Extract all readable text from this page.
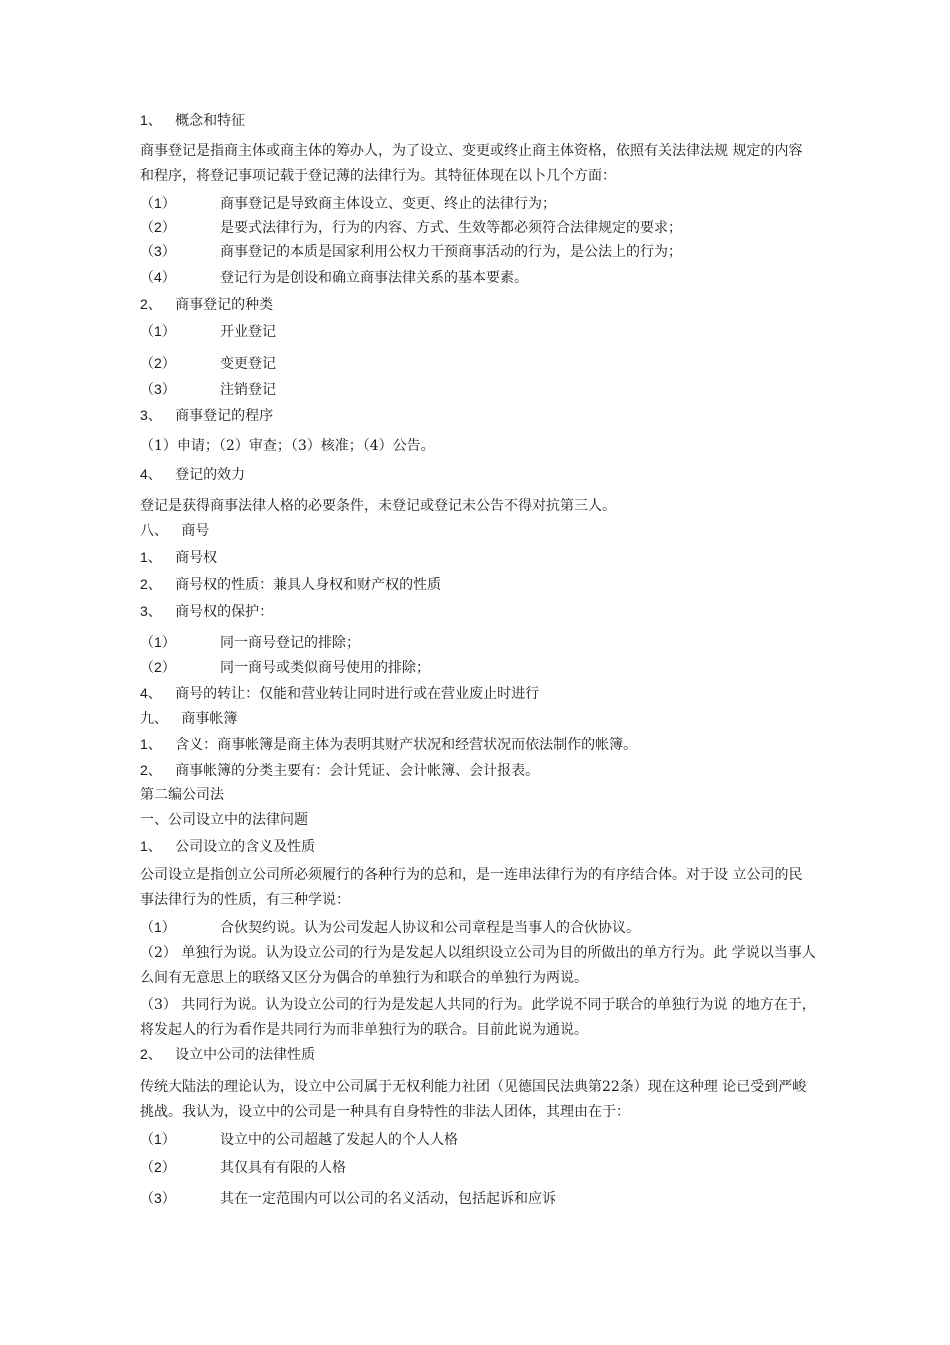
1、 概念和特征
商事登记是指商主体或商主体的筹办人，为了设立、变更或终止商主体资格，依照有关法律法规 规定的内容和程序，将登记事项记载于登记薄的法律行为。其特征体现在以卜几个方面：
（1）	商事登记是导致商主体设立、变更、终止的法律行为；
（2）	是要式法律行为，行为的内容、方式、生效等都必须符合法律规定的要求；
（3）	商事登记的本质是国家利用公权力干预商事活动的行为，是公法上的行为；
（4）	登记行为是创设和确立商事法律关系的基本要素。
2、 商事登记的种类
（1）	开业登记
（2）	变更登记
（3）	注销登记
3、 商事登记的程序
（1）申请；（2）审查；（3）核准；（4）公告。
4、 登记的效力
登记是获得商事法律人格的必要条件，未登记或登记未公告不得对抗第三人。
八、 商号
1、 商号权
2、 商号权的性质：兼具人身权和财产权的性质
3、 商号权的保护：
（1）	同一商号登记的排除；
（2）	同一商号或类似商号使用的排除；
4、 商号的转让：仅能和营业转让同时进行或在营业废止时进行
九、 商事帐簿
1、 含义：商事帐簿是商主体为表明其财产状况和经营状况而依法制作的帐簿。
2、 商事帐簿的分类主要有：会计凭证、会计帐簿、会计报表。
第二编公司法
一、公司设立中的法律问题
1、 公司设立的含义及性质
公司设立是指创立公司所必须履行的各种行为的总和，是一连串法律行为的有序结合体。对于设 立公司的民事法律行为的性质，有三种学说：
（1）	合伙契约说。认为公司发起人协议和公司章程是当事人的合伙协议。
（2） 单独行为说。认为设立公司的行为是发起人以组织设立公司为目的所做出的单方行为。此 学说以当事人么间有无意思上的联络又区分为偶合的单独行为和联合的单独行为两说。
（3） 共同行为说。认为设立公司的行为是发起人共同的行为。此学说不同于联合的单独行为说 的地方在于，将发起人的行为看作是共同行为而非单独行为的联合。目前此说为通说。
2、 设立中公司的法律性质
传统大陆法的理论认为，设立中公司属于无权利能力社团（见德国民法典第22条）现在这种理 论已受到严峻挑战。我认为，设立中的公司是一种具有自身特性的非法人团体，其理由在于：
（1）	设立中的公司超越了发起人的个人人格
（2）	其仅具有有限的人格
（3）	其在一定范围内可以公司的名义活动，包括起诉和应诉
